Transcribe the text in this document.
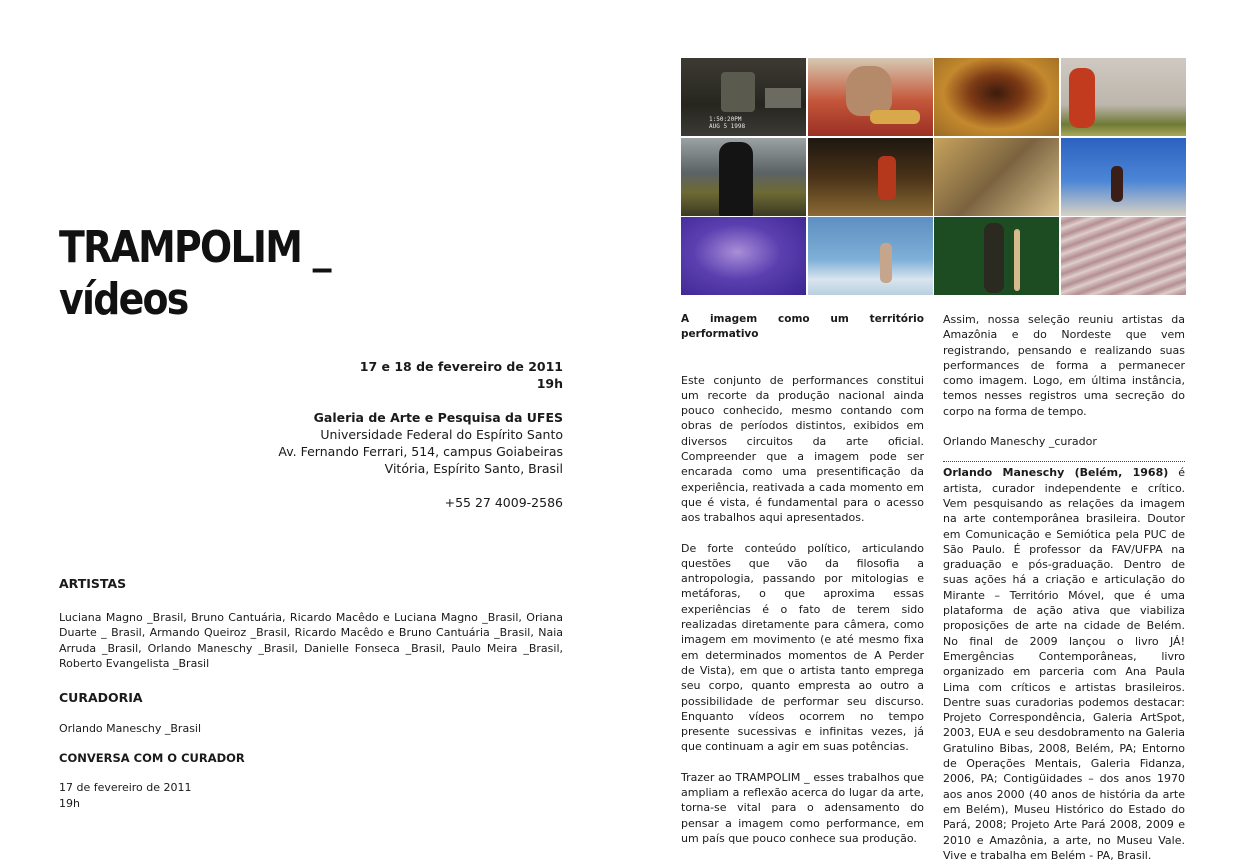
TRAMPOLIM _
vídeos
17 e 18 de fevereiro de 2011
19h
Galeria de Arte e Pesquisa da UFES
Universidade Federal do Espírito Santo
Av. Fernando Ferrari, 514, campus Goiabeiras
Vitória, Espírito Santo, Brasil
+55 27 4009-2586

ARTISTAS

Luciana Magno _Brasil, Bruno Cantuária, Ricardo Macêdo e Luciana Magno _Brasil, Oriana Duarte _ Brasil, Armando Queiroz _Brasil, Ricardo Macêdo e Bruno Cantuária _Brasil, Naia Arruda _Brasil, Orlando Maneschy _Brasil, Danielle Fonseca _Brasil, Paulo Meira _Brasil, Roberto Evangelista _Brasil

CURADORIA

Orlando Maneschy _Brasil

CONVERSA COM O CURADOR

17 de fevereiro de 2011

19h

1:50:20PM
AUG 5 1998

A imagem como um território performativo

Este conjunto de performances constitui um recorte da produção nacional ainda pouco conhecido, mesmo contando com obras de períodos distintos, exibidos em diversos circuitos da arte oficial. Compreender que a imagem pode ser encarada como uma presentificação da experiência, reativada a cada momento em que é vista, é fundamental para o acesso aos trabalhos aqui apresentados.

De forte conteúdo político, articulando questões que vão da filosofia a antropologia, passando por mitologias e metáforas, o que aproxima essas experiências é o fato de terem sido realizadas diretamente para câmera, como imagem em movimento (e até mesmo fixa em determinados momentos de A Perder de Vista), em que o artista tanto emprega seu corpo, quanto empresta ao outro a possibilidade de performar seu discurso. Enquanto vídeos ocorrem no tempo presente sucessivas e infinitas vezes, já que continuam a agir em suas potências.

Trazer ao TRAMPOLIM _ esses trabalhos que ampliam a reflexão acerca do lugar da arte, torna-se vital para o adensamento do pensar a imagem como performance, em um país que pouco conhece sua produção.

Assim, nossa seleção reuniu artistas da Amazônia e do Nordeste que vem registrando, pensando e realizando suas performances de forma a permanecer como imagem. Logo, em última instância, temos nesses registros uma secreção do corpo na forma de tempo.

Orlando Maneschy _curador

Orlando Maneschy (Belém, 1968) é artista, curador independente e crítico. Vem pesquisando as relações da imagem na arte contemporânea brasileira. Doutor em Comunicação e Semiótica pela PUC de São Paulo. É professor da FAV/UFPA na graduação e pós-graduação. Dentro de suas ações há a criação e articulação do Mirante – Território Móvel, que é uma plataforma de ação ativa que viabiliza proposições de arte na cidade de Belém. No final de 2009 lançou o livro JÁ! Emergências Contemporâneas, livro organizado em parceria com Ana Paula Lima com críticos e artistas brasileiros. Dentre suas curadorias podemos destacar: Projeto Correspondência, Galeria ArtSpot, 2003, EUA e seu desdobramento na Galeria Gratulino Bibas, 2008, Belém, PA; Entorno de Operações Mentais, Galeria Fidanza, 2006, PA; Contigüidades – dos anos 1970 aos anos 2000 (40 anos de história da arte em Belém), Museu Histórico do Estado do Pará, 2008; Projeto Arte Pará 2008, 2009 e 2010 e Amazônia, a arte, no Museu Vale. Vive e trabalha em Belém - PA, Brasil.
